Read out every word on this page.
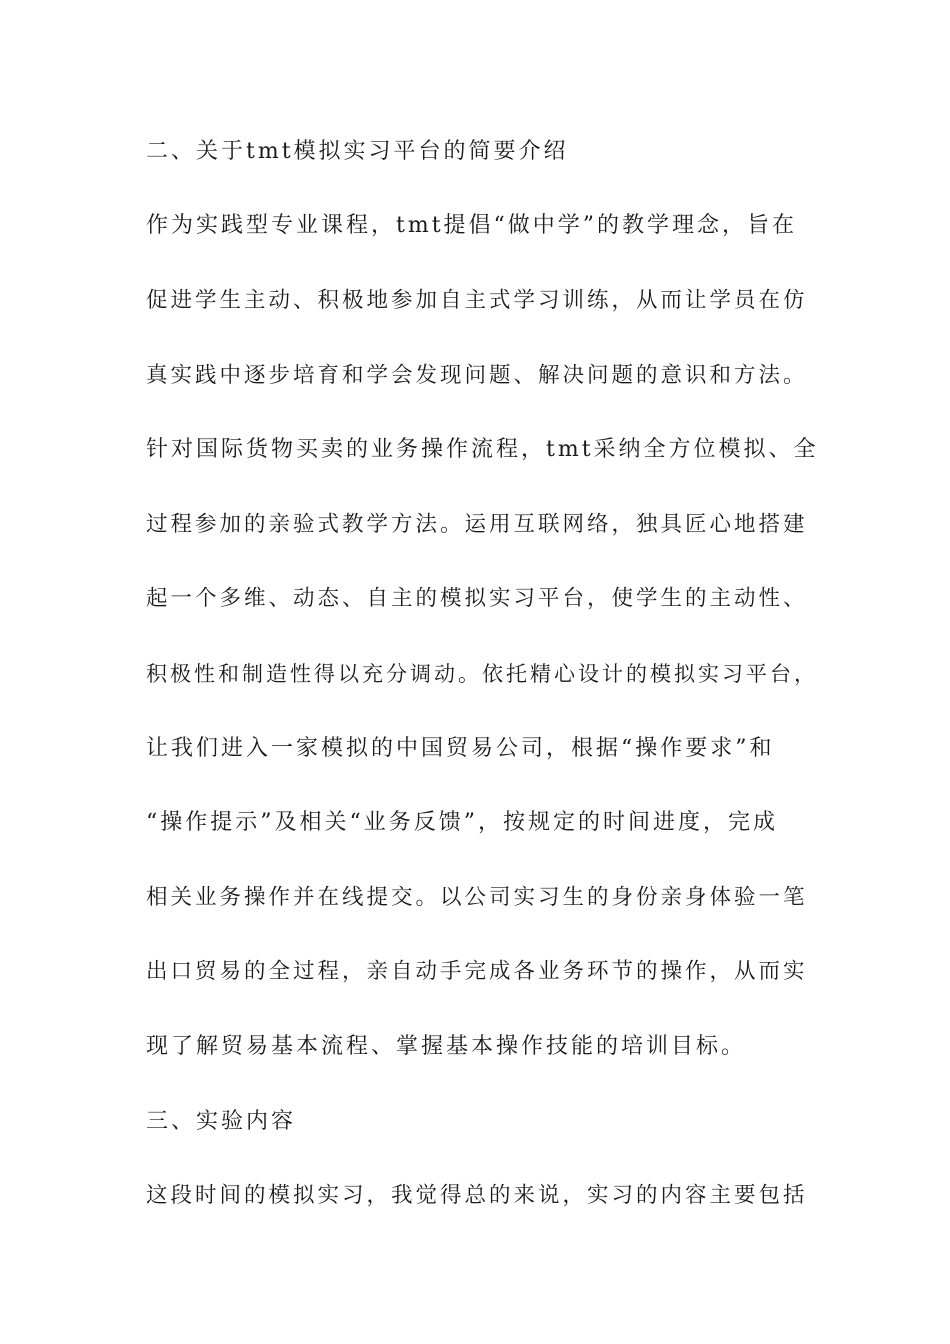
二、关于tmt模拟实习平台的简要介绍
作为实践型专业课程，tmt提倡“做中学”的教学理念，旨在
促进学生主动、积极地参加自主式学习训练，从而让学员在仿
真实践中逐步培育和学会发现问题、解决问题的意识和方法。
针对国际货物买卖的业务操作流程，tmt采纳全方位模拟、全
过程参加的亲验式教学方法。运用互联网络，独具匠心地搭建
起一个多维、动态、自主的模拟实习平台，使学生的主动性、
积极性和制造性得以充分调动。依托精心设计的模拟实习平台，
让我们进入一家模拟的中国贸易公司，根据“操作要求”和
“操作提示”及相关“业务反馈”，按规定的时间进度，完成
相关业务操作并在线提交。以公司实习生的身份亲身体验一笔
出口贸易的全过程，亲自动手完成各业务环节的操作，从而实
现了解贸易基本流程、掌握基本操作技能的培训目标。
三、实验内容
这段时间的模拟实习，我觉得总的来说，实习的内容主要包括
